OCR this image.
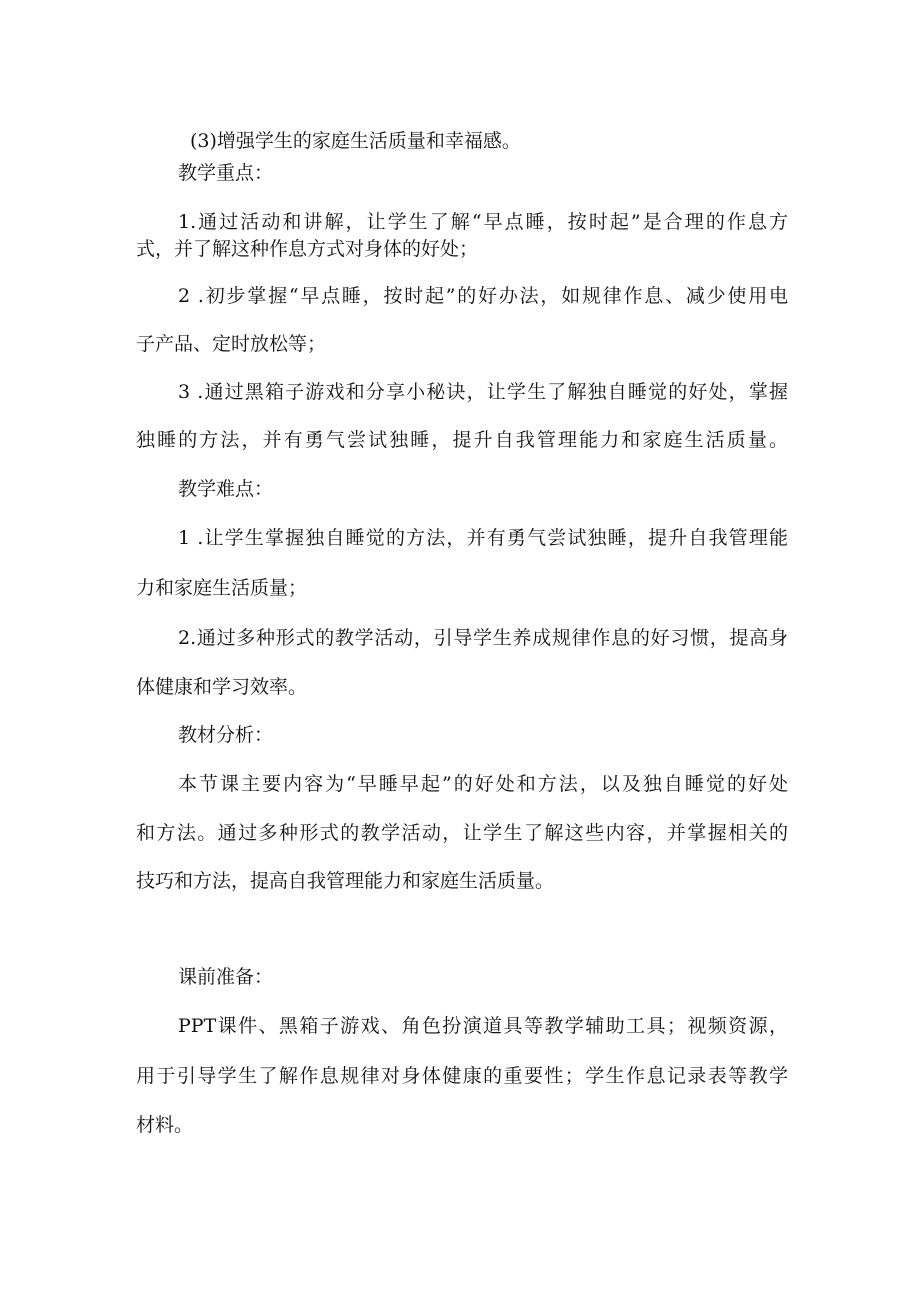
(3)增强学生的家庭生活质量和幸福感。
教学重点：
1.通过活动和讲解，让学生了解“早点睡，按时起”是合理的作息方
式，并了解这种作息方式对身体的好处；
2 .初步掌握“早点睡，按时起”的好办法，如规律作息、减少使用电
子产品、定时放松等；
3 .通过黑箱子游戏和分享小秘诀，让学生了解独自睡觉的好处，掌握
独睡的方法，并有勇气尝试独睡，提升自我管理能力和家庭生活质量。
教学难点：
1 .让学生掌握独自睡觉的方法，并有勇气尝试独睡，提升自我管理能
力和家庭生活质量；
2.通过多种形式的教学活动，引导学生养成规律作息的好习惯，提高身
体健康和学习效率。
教材分析：
本节课主要内容为“早睡早起”的好处和方法，以及独自睡觉的好处
和方法。通过多种形式的教学活动，让学生了解这些内容，并掌握相关的
技巧和方法，提高自我管理能力和家庭生活质量。
课前准备：
PPT课件、黑箱子游戏、角色扮演道具等教学辅助工具；视频资源，
用于引导学生了解作息规律对身体健康的重要性；学生作息记录表等教学
材料。
